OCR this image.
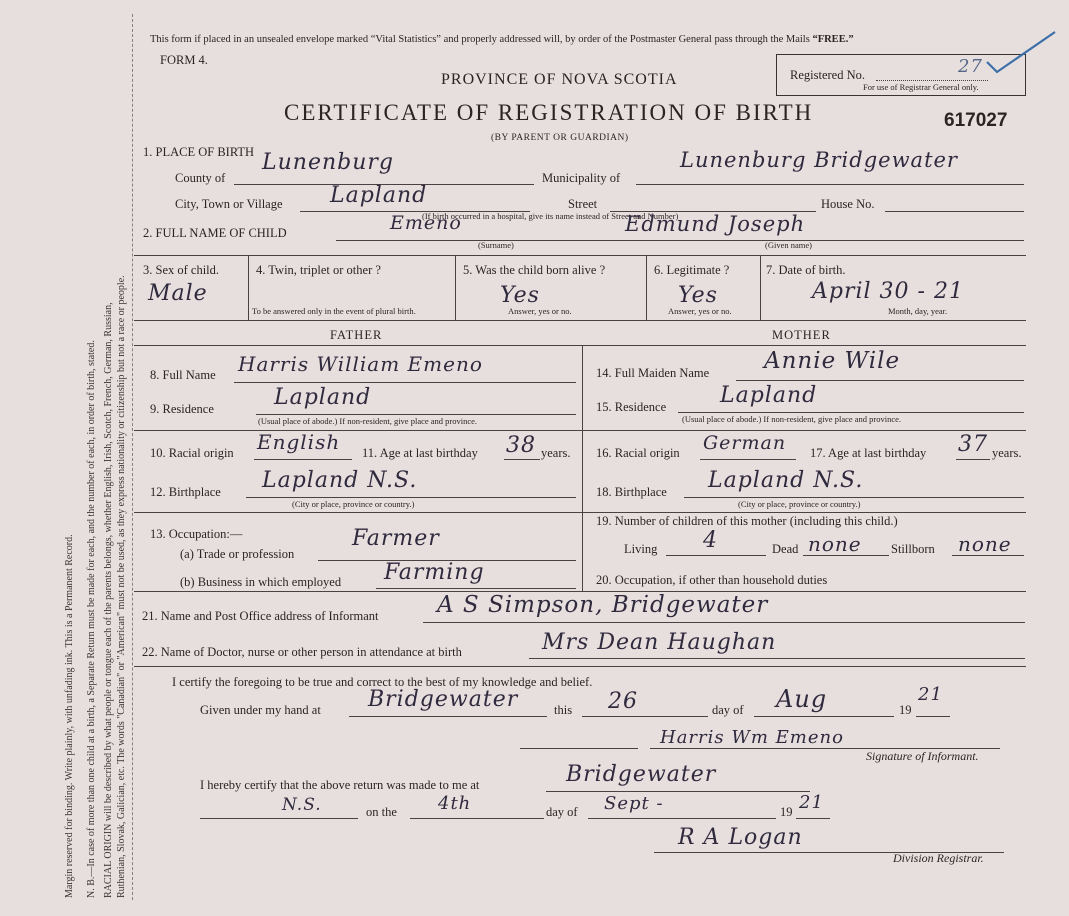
Margin reserved for binding. Write plainly, with unfading ink. This is a Permanent Record. N. B.—In case of more than one child at a birth, a Separate Return must be made for each, and the number of each, in order of birth, stated. RACIAL ORIGIN will be described by what people or tongue each of the parents belongs, whether English, Irish, Scotch, French, German, Russian, Ruthenian, Slovak, Galician, etc. The words "Canadian" or "American" must not be used, as they express nationality or citizenship but not a race or people.
This form if placed in an unsealed envelope marked “Vital Statistics” and properly addressed will, by order of the Postmaster General pass through the Mails “FREE.”
FORM 4.
PROVINCE OF NOVA SCOTIA
CERTIFICATE OF REGISTRATION OF BIRTH
(BY PARENT OR GUARDIAN)
Registered No.	27
For use of Registrar General only.
617027
1. PLACE OF BIRTH
County of
Lunenburg
Municipality of
Lunenburg Bridgewater
City, Town or Village Lapland	Street	House No.
(If birth occurred in a hospital, give its name instead of Street and Number)
2. FULL NAME OF CHILD	Emeno	Edmund Joseph
(Surname)	(Given name)
3. Sex of child.
Male
4. Twin, triplet or other ?
To be answered only in the event of plural birth.
5. Was the child born alive ?
Yes
Answer, yes or no.
6. Legitimate ?
Yes
Answer, yes or no.
7. Date of birth.
April 30 - 21
Month, day, year.
FATHER	MOTHER
8. Full Name Harris William Emeno
9. Residence	Lapland
(Usual place of abode.) If non-resident, give place and province.
10. Racial origin English 11. Age at last birthday 38 years.
12. Birthplace Lapland N.S.
(City or place, province or country.)
13. Occupation:—
(a) Trade or profession
Farmer
(b) Business in which employed Farming
14. Full Maiden Name Annie Wile
15. Residence Lapland
(Usual place of abode.) If non-resident, give place and province.
16. Racial origin German 17. Age at last birthday 37 years.
18. Birthplace Lapland N.S.
(City or place, province or country.)
19. Number of children of this mother (including this child.)
Living 4	Dead none Stillborn none
20. Occupation, if other than household duties
21. Name and Post Office address of Informant	A S Simpson, Bridgewater
22. Name of Doctor, nurse or other person in attendance at birth	Mrs Dean Haughan
I certify the foregoing to be true and correct to the best of my knowledge and belief.
Given under my hand at Bridgewater	this 26	day of Aug	19
21
Harris Wm Emeno
Signature of Informant.
I hereby certify that the above return was made to me at	Bridgewater
N.S.	on the 4th	day of Sept -	19 21
R A Logan
Division Registrar.
